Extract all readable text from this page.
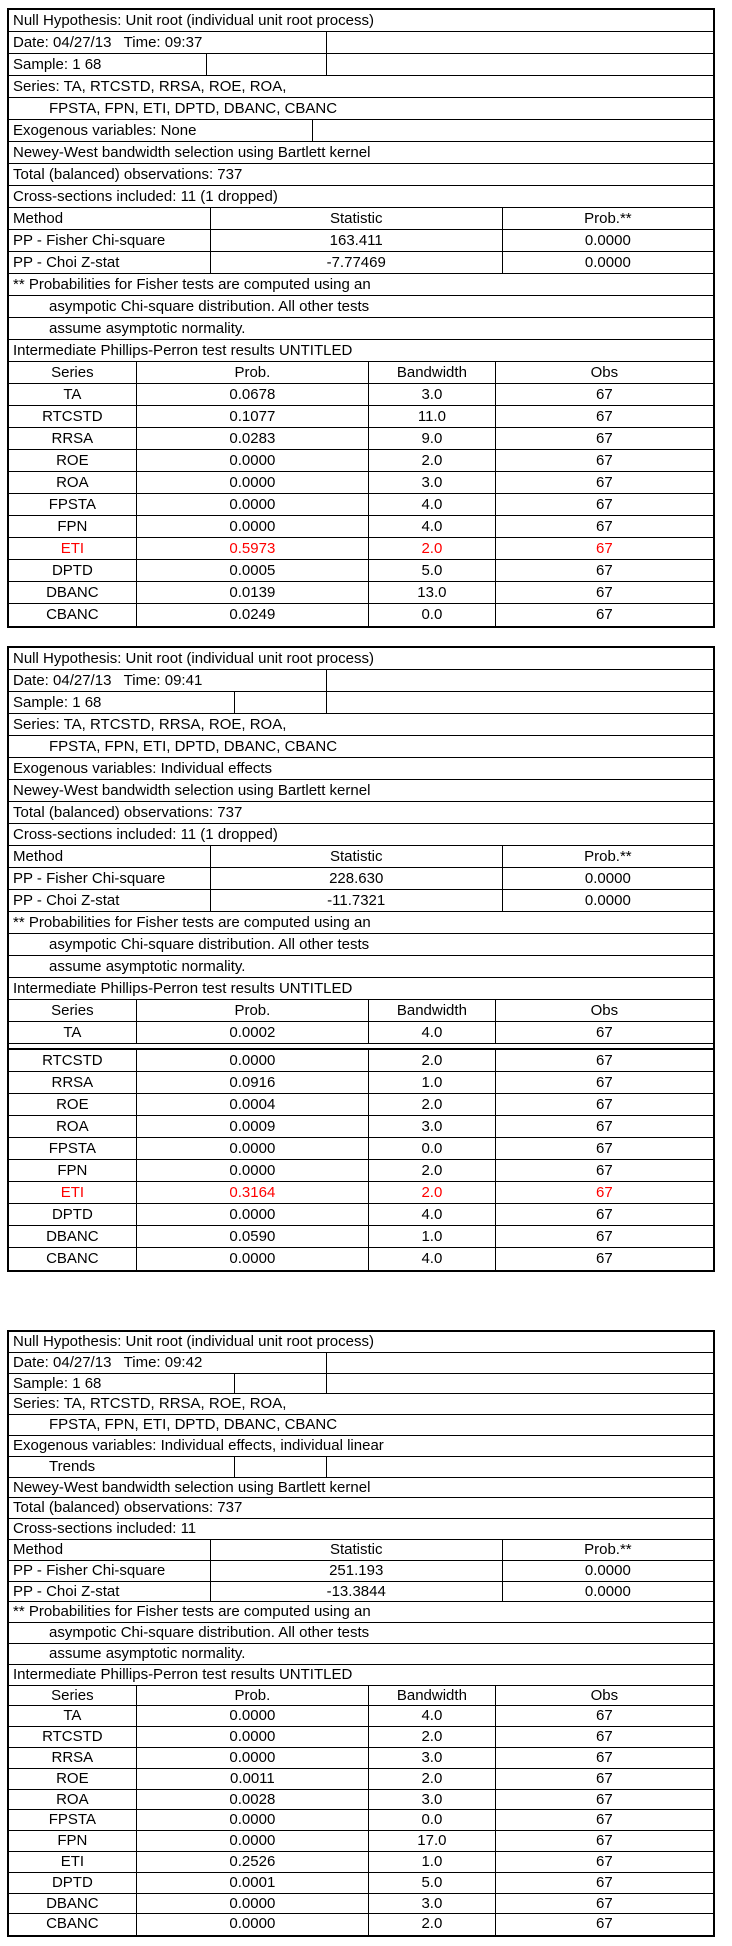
Null Hypothesis: Unit root (individual unit root process)
Date: 04/27/13   Time: 09:37
Sample: 1 68
Series: TA, RTCSTD, RRSA, ROE, ROA,
FPSTA, FPN, ETI, DPTD, DBANC, CBANC
Exogenous variables: None
Newey-West bandwidth selection using Bartlett kernel
Total (balanced) observations: 737
Cross-sections included: 11 (1 dropped)
Method	Statistic	Prob.**
PP - Fisher Chi-square	163.411	0.0000
PP - Choi Z-stat	-7.77469	0.0000
** Probabilities for Fisher tests are computed using an
asympotic Chi-square distribution. All other tests
assume asymptotic normality.
Intermediate Phillips-Perron test results UNTITLED
Series	Prob.	Bandwidth	Obs
TA	0.0678	3.0	67
RTCSTD	0.1077	11.0	67
RRSA	0.0283	9.0	67
ROE	0.0000	2.0	67
ROA	0.0000	3.0	67
FPSTA	0.0000	4.0	67
FPN	0.0000	4.0	67
ETI	0.5973	2.0	67
DPTD	0.0005	5.0	67
DBANC	0.0139	13.0	67
CBANC	0.0249	0.0	67
Null Hypothesis: Unit root (individual unit root process)
Date: 04/27/13   Time: 09:41
Sample: 1 68
Series: TA, RTCSTD, RRSA, ROE, ROA,
FPSTA, FPN, ETI, DPTD, DBANC, CBANC
Exogenous variables: Individual effects
Newey-West bandwidth selection using Bartlett kernel
Total (balanced) observations: 737
Cross-sections included: 11 (1 dropped)
Method	Statistic	Prob.**
PP - Fisher Chi-square	228.630	0.0000
PP - Choi Z-stat	-11.7321	0.0000
** Probabilities for Fisher tests are computed using an
asympotic Chi-square distribution. All other tests
assume asymptotic normality.
Intermediate Phillips-Perron test results UNTITLED
Series	Prob.	Bandwidth	Obs
TA	0.0002	4.0	67
RTCSTD	0.0000	2.0	67
RRSA	0.0916	1.0	67
ROE	0.0004	2.0	67
ROA	0.0009	3.0	67
FPSTA	0.0000	0.0	67
FPN	0.0000	2.0	67
ETI	0.3164	2.0	67
DPTD	0.0000	4.0	67
DBANC	0.0590	1.0	67
CBANC	0.0000	4.0	67
Null Hypothesis: Unit root (individual unit root process)
Date: 04/27/13   Time: 09:42
Sample: 1 68
Series: TA, RTCSTD, RRSA, ROE, ROA,
FPSTA, FPN, ETI, DPTD, DBANC, CBANC
Exogenous variables: Individual effects, individual linear
Trends
Newey-West bandwidth selection using Bartlett kernel
Total (balanced) observations: 737
Cross-sections included: 11
Method	Statistic	Prob.**
PP - Fisher Chi-square	251.193	0.0000
PP - Choi Z-stat	-13.3844	0.0000
** Probabilities for Fisher tests are computed using an
asympotic Chi-square distribution. All other tests
assume asymptotic normality.
Intermediate Phillips-Perron test results UNTITLED
Series	Prob.	Bandwidth	Obs
TA	0.0000	4.0	67
RTCSTD	0.0000	2.0	67
RRSA	0.0000	3.0	67
ROE	0.0011	2.0	67
ROA	0.0028	3.0	67
FPSTA	0.0000	0.0	67
FPN	0.0000	17.0	67
ETI	0.2526	1.0	67
DPTD	0.0001	5.0	67
DBANC	0.0000	3.0	67
CBANC	0.0000	2.0	67
